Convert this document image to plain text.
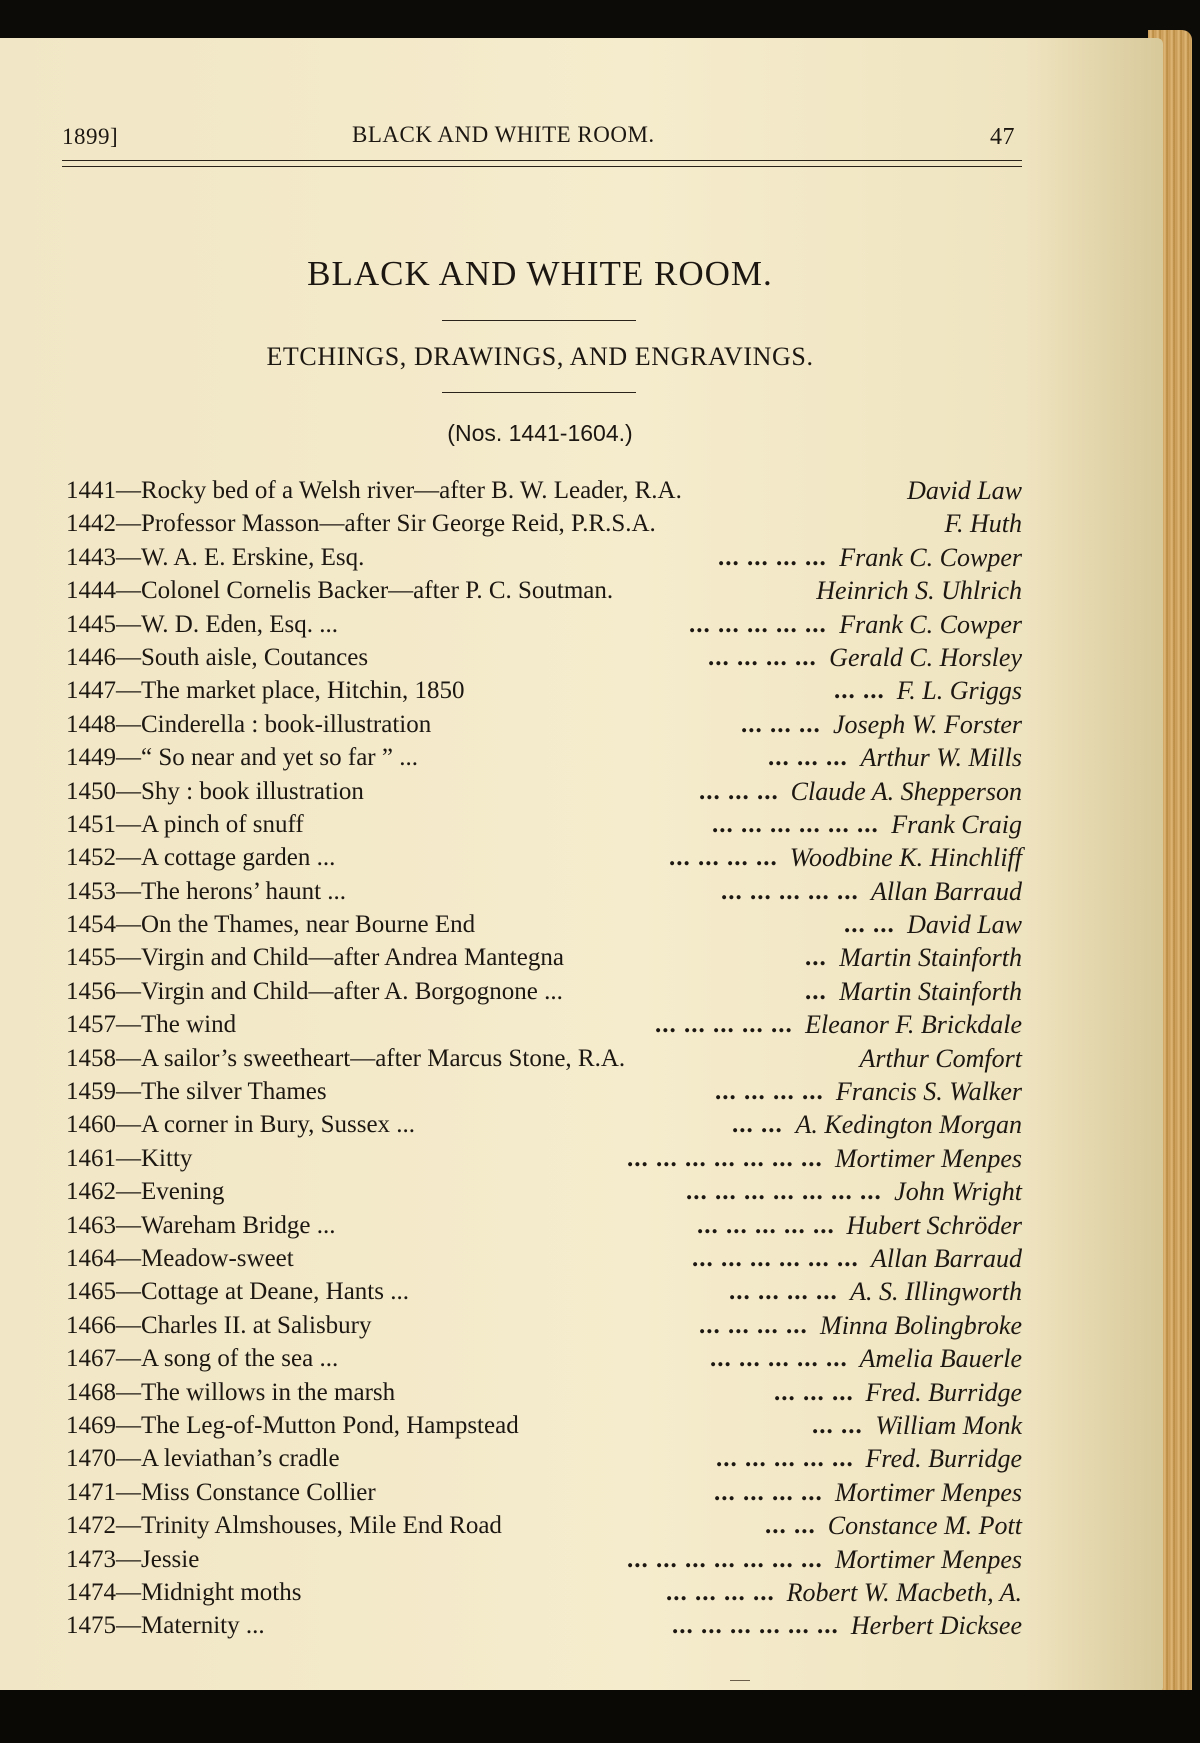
1899]	BLACK AND WHITE ROOM.	47
BLACK AND WHITE ROOM.
ETCHINGS, DRAWINGS, AND ENGRAVINGS.
(Nos. 1441-1604.)
1441—Rocky bed of a Welsh river—after B. W. Leader, R.A.	David Law
1442—Professor Masson—after Sir George Reid, P.R.S.A.	F. Huth
1443—W. A. E. Erskine, Esq.	... ... ... ... Frank C. Cowper
1444—Colonel Cornelis Backer—after P. C. Soutman.	Heinrich S. Uhlrich
1445—W. D. Eden, Esq. ...	... ... ... ... ... Frank C. Cowper
1446—South aisle, Coutances	... ... ... ... Gerald C. Horsley
1447—The market place, Hitchin, 1850	... ... F. L. Griggs
1448—Cinderella : book-illustration	... ... ... Joseph W. Forster
1449—“ So near and yet so far ” ...	... ... ... Arthur W. Mills
1450—Shy : book illustration	... ... ... Claude A. Shepperson
1451—A pinch of snuff	... ... ... ... ... ... Frank Craig
1452—A cottage garden ...	... ... ... ... Woodbine K. Hinchliff
1453—The herons’ haunt ...	... ... ... ... ... Allan Barraud
1454—On the Thames, near Bourne End	... ... David Law
1455—Virgin and Child—after Andrea Mantegna	... Martin Stainforth
1456—Virgin and Child—after A. Borgognone ...	... Martin Stainforth
1457—The wind	... ... ... ... ... Eleanor F. Brickdale
1458—A sailor’s sweetheart—after Marcus Stone, R.A.	Arthur Comfort
1459—The silver Thames	... ... ... ... Francis S. Walker
1460—A corner in Bury, Sussex ...	... ... A. Kedington Morgan
1461—Kitty	... ... ... ... ... ... ... Mortimer Menpes
1462—Evening	... ... ... ... ... ... ... John Wright
1463—Wareham Bridge ...	... ... ... ... ... Hubert Schröder
1464—Meadow-sweet	... ... ... ... ... ... Allan Barraud
1465—Cottage at Deane, Hants ...	... ... ... ... A. S. Illingworth
1466—Charles II. at Salisbury	... ... ... ... Minna Bolingbroke
1467—A song of the sea ...	... ... ... ... ... Amelia Bauerle
1468—The willows in the marsh	... ... ... Fred. Burridge
1469—The Leg-of-Mutton Pond, Hampstead	... ... William Monk
1470—A leviathan’s cradle	... ... ... ... ... Fred. Burridge
1471—Miss Constance Collier	... ... ... ... Mortimer Menpes
1472—Trinity Almshouses, Mile End Road	... ... Constance M. Pott
1473—Jessie	... ... ... ... ... ... ... Mortimer Menpes
1474—Midnight moths	... ... ... ... Robert W. Macbeth, A.
1475—Maternity ...	... ... ... ... ... ... Herbert Dicksee
